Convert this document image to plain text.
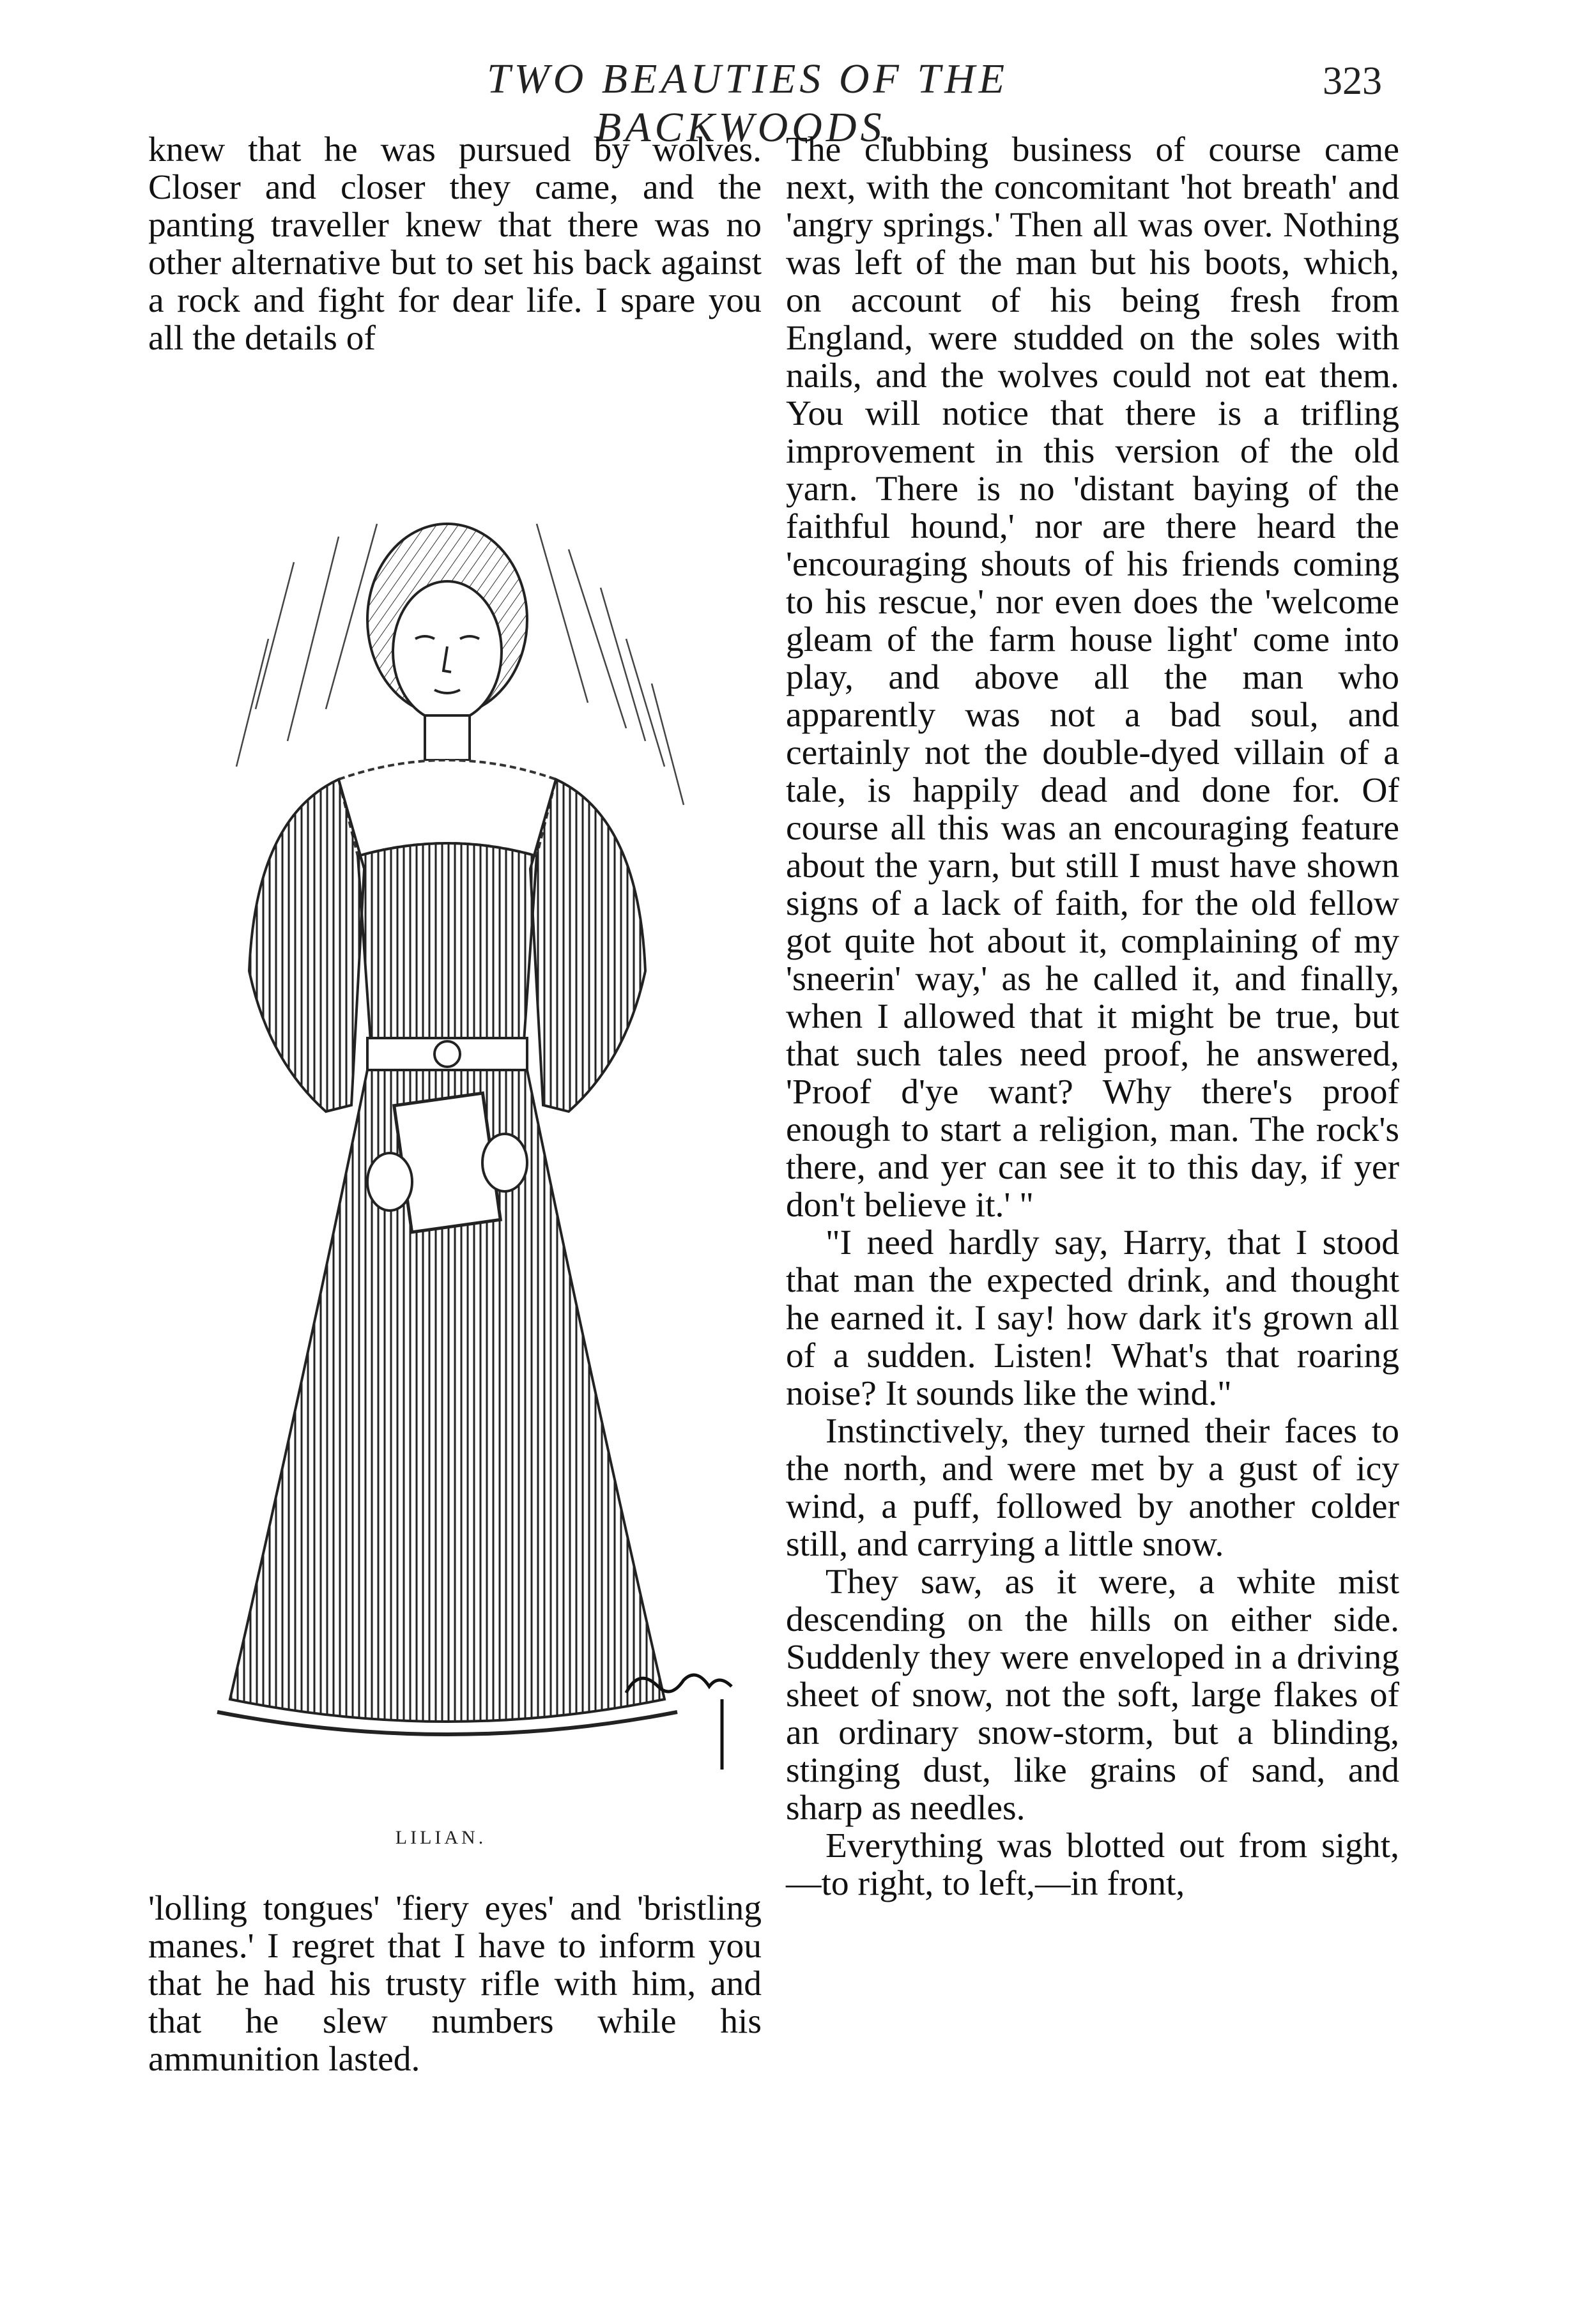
TWO BEAUTIES OF THE BACKWOODS.
323

knew that he was pursued by wolves. Closer and closer they came, and the panting traveller knew that there was no other alternative but to set his back against a rock and fight for dear life. I spare you all the details of

LILIAN.

'lolling tongues' 'fiery eyes' and 'bristling manes.' I regret that I have to inform you that he had his trusty rifle with him, and that he slew numbers while his ammunition lasted.

The clubbing business of course came next, with the concomitant 'hot breath' and 'angry springs.' Then all was over. Nothing was left of the man but his boots, which, on account of his being fresh from England, were studded on the soles with nails, and the wolves could not eat them. You will notice that there is a trifling improvement in this version of the old yarn. There is no 'distant baying of the faithful hound,' nor are there heard the 'encouraging shouts of his friends coming to his rescue,' nor even does the 'welcome gleam of the farm house light' come into play, and above all the man who apparently was not a bad soul, and certainly not the double-dyed villain of a tale, is happily dead and done for. Of course all this was an encouraging feature about the yarn, but still I must have shown signs of a lack of faith, for the old fellow got quite hot about it, complaining of my 'sneerin' way,' as he called it, and finally, when I allowed that it might be true, but that such tales need proof, he answered, 'Proof d'ye want? Why there's proof enough to start a religion, man. The rock's there, and yer can see it to this day, if yer don't believe it.' "

"I need hardly say, Harry, that I stood that man the expected drink, and thought he earned it. I say! how dark it's grown all of a sudden. Listen! What's that roaring noise? It sounds like the wind."

Instinctively, they turned their faces to the north, and were met by a gust of icy wind, a puff, followed by another colder still, and carrying a little snow.

They saw, as it were, a white mist descending on the hills on either side. Suddenly they were enveloped in a driving sheet of snow, not the soft, large flakes of an ordinary snow-storm, but a blinding, stinging dust, like grains of sand, and sharp as needles.

Everything was blotted out from sight,—to right, to left,—in front,
